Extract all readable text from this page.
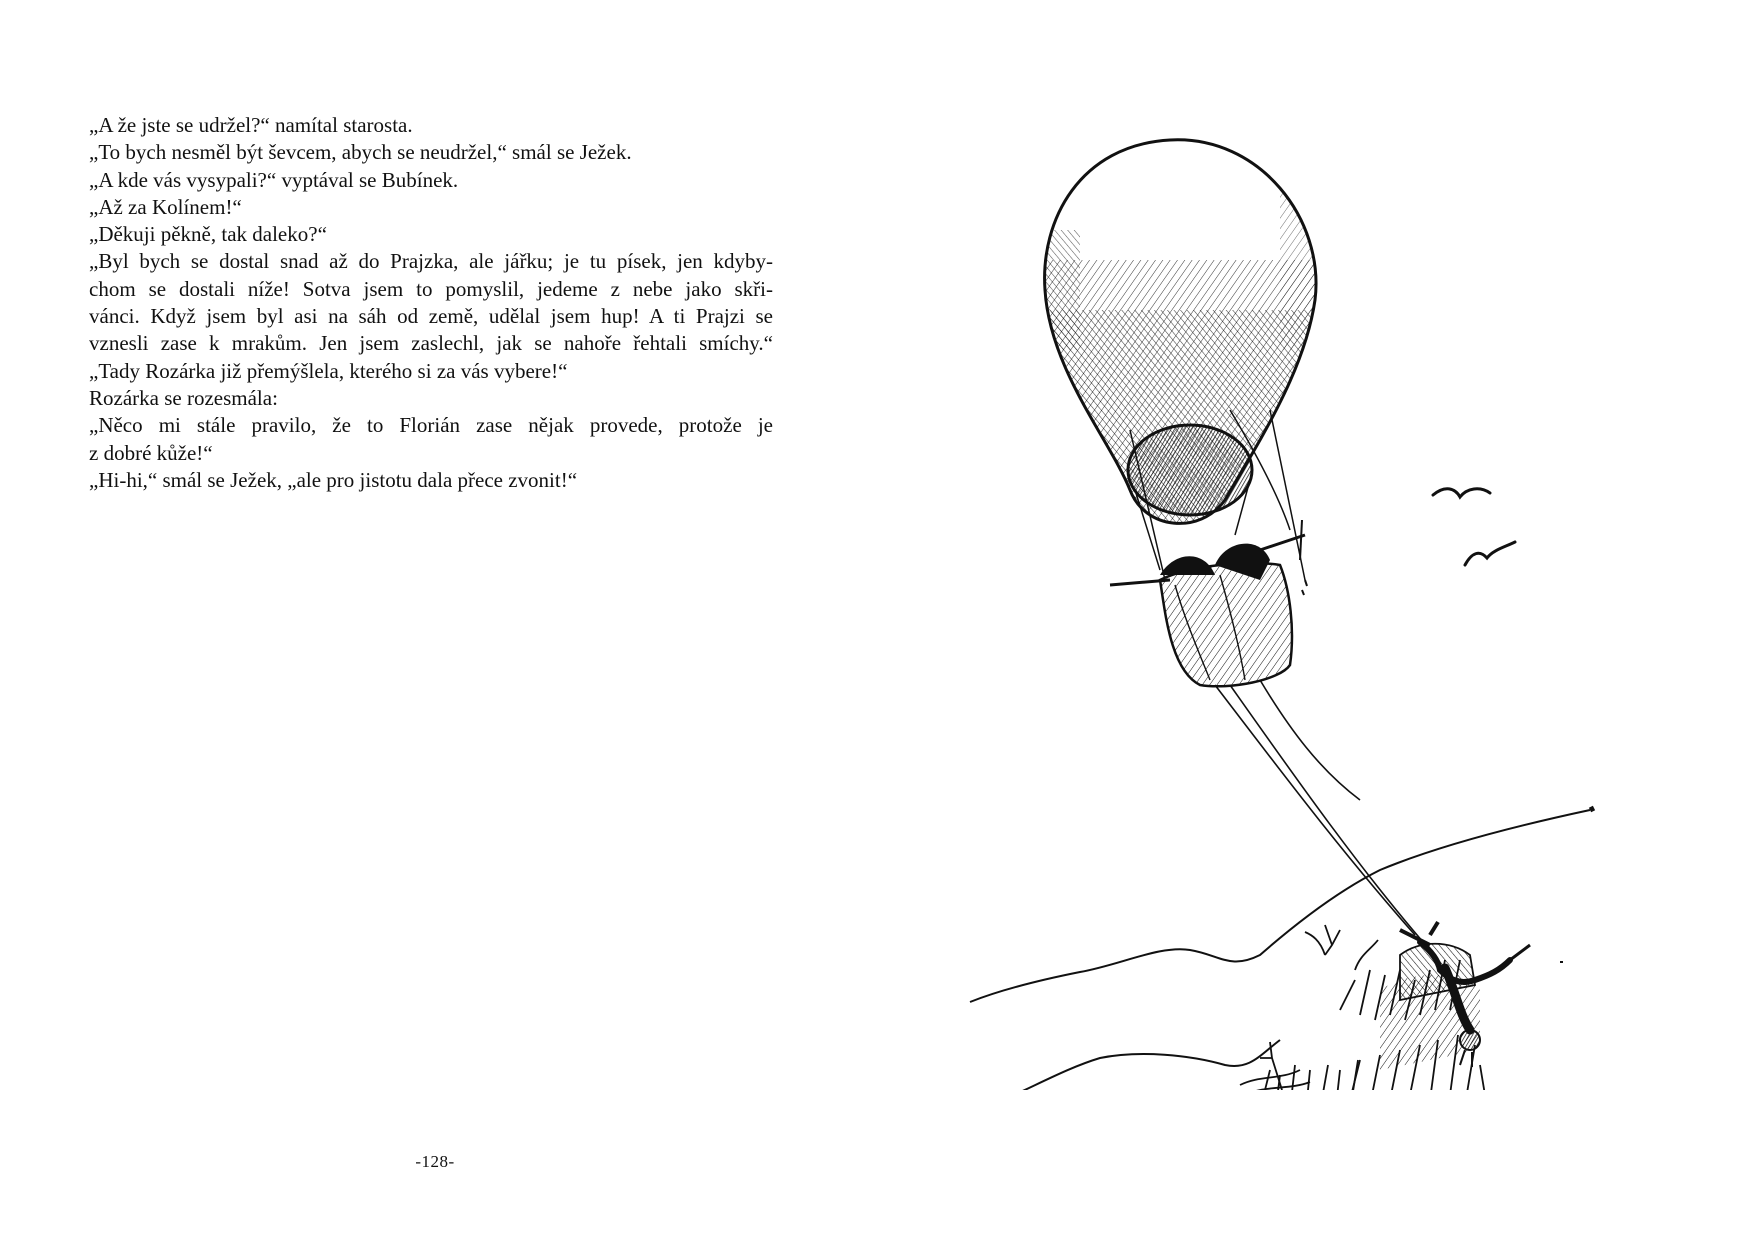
„A že jste se udržel?“ namítal starosta.
„To bych nesměl být ševcem, abych se neudržel,“ smál se Ježek.
„A kde vás vysypali?“ vyptával se Bubínek.
„Až za Kolínem!“
„Děkuji pěkně, tak daleko?“
„Byl bych se dostal snad až do Prajzka, ale jářku; je tu písek, jen kdyby-
chom se dostali níže! Sotva jsem to pomyslil, jedeme z nebe jako skři-
vánci. Když jsem byl asi na sáh od země, udělal jsem hup! A ti Prajzi se
vznesli zase k mrakům. Jen jsem zaslechl, jak se nahoře řehtali smíchy.“
„Tady Rozárka již přemýšlela, kterého si za vás vybere!“
Rozárka se rozesmála:
„Něco mi stále pravilo, že to Florián zase nějak provede, protože je
z dobré kůže!“
„Hi-hi,“ smál se Ježek, „ale pro jistotu dala přece zvonit!“
-128-
